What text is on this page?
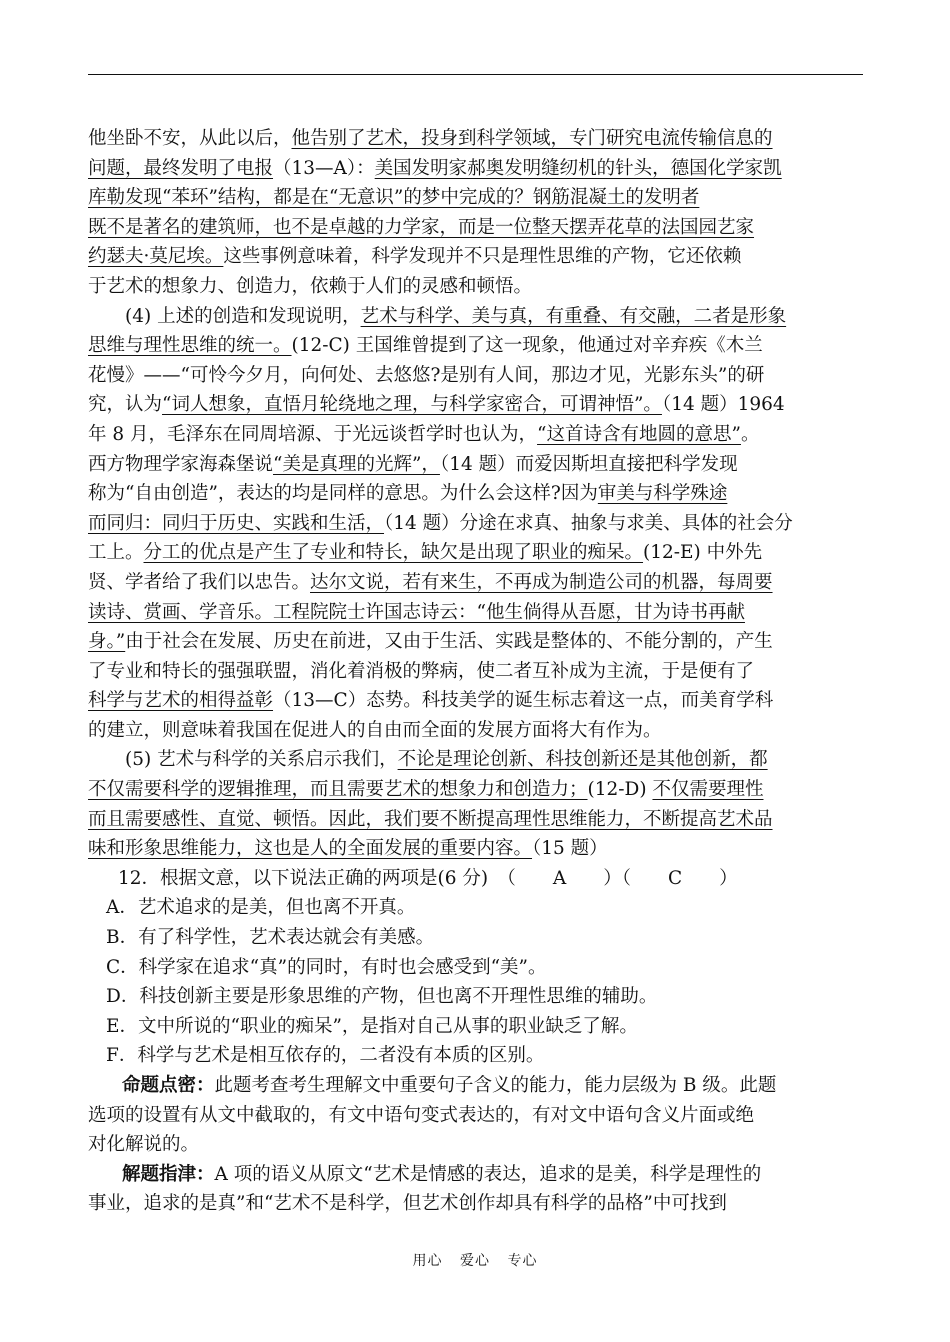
他坐卧不安，从此以后，他告别了艺术，投身到科学领域，专门研究电流传输信息的
问题，最终发明了电报（13—A）：美国发明家郝奥发明缝纫机的针头，德国化学家凯
库勒发现“苯环”结构，都是在“无意识”的梦中完成的？钢筋混凝土的发明者
既不是著名的建筑师，也不是卓越的力学家，而是一位整天摆弄花草的法国园艺家
约瑟夫·莫尼埃。这些事例意味着，科学发现并不只是理性思维的产物，它还依赖
于艺术的想象力、创造力，依赖于人们的灵感和顿悟。
(4) 上述的创造和发现说明，艺术与科学、美与真，有重叠、有交融，二者是形象
思维与理性思维的统一。(12-C) 王国维曾提到了这一现象，他通过对辛弃疾《木兰
花慢》——“可怜今夕月，向何处、去悠悠?是别有人间，那边才见，光影东头”的研
究，认为“词人想象，直悟月轮绕地之理，与科学家密合，可谓神悟”。（14 题）1964
年 8 月，毛泽东在同周培源、于光远谈哲学时也认为，“这首诗含有地圆的意思”。
西方物理学家海森堡说“美是真理的光辉”，（14 题）而爱因斯坦直接把科学发现
称为“自由创造”，表达的均是同样的意思。为什么会这样?因为审美与科学殊途
而同归：同归于历史、实践和生活，（14 题）分途在求真、抽象与求美、具体的社会分
工上。分工的优点是产生了专业和特长，缺欠是出现了职业的痴呆。(12-E) 中外先
贤、学者给了我们以忠告。达尔文说，若有来生，不再成为制造公司的机器，每周要
读诗、赏画、学音乐。工程院院士许国志诗云：“他生倘得从吾愿，甘为诗书再献
身。”由于社会在发展、历史在前进，又由于生活、实践是整体的、不能分割的，产生
了专业和特长的强强联盟，消化着消极的弊病，使二者互补成为主流，于是便有了
科学与艺术的相得益彰（13—C）态势。科技美学的诞生标志着这一点，而美育学科
的建立，则意味着我国在促进人的自由而全面的发展方面将大有作为。
(5) 艺术与科学的关系启示我们，不论是理论创新、科技创新还是其他创新，都
不仅需要科学的逻辑推理，而且需要艺术的想象力和创造力；(12-D) 不仅需要理性
而且需要感性、直觉、顿悟。因此，我们要不断提高理性思维能力，不断提高艺术品
味和形象思维能力，这也是人的全面发展的重要内容。（15 题）
12．根据文意，以下说法正确的两项是(6 分)　（　　A　　）（　　C　　）
A．艺术追求的是美，但也离不开真。
B．有了科学性，艺术表达就会有美感。
C．科学家在追求“真”的同时，有时也会感受到“美”。
D．科技创新主要是形象思维的产物，但也离不开理性思维的辅助。
E．文中所说的“职业的痴呆”，是指对自己从事的职业缺乏了解。
F．科学与艺术是相互依存的，二者没有本质的区别。
命题点密：此题考查考生理解文中重要句子含义的能力，能力层级为 B 级。此题
选项的设置有从文中截取的，有文中语句变式表达的，有对文中语句含义片面或绝
对化解说的。
解题指津：A 项的语义从原文“艺术是情感的表达，追求的是美，科学是理性的
事业，追求的是真”和“艺术不是科学，但艺术创作却具有科学的品格”中可找到
用心 爱心 专心
